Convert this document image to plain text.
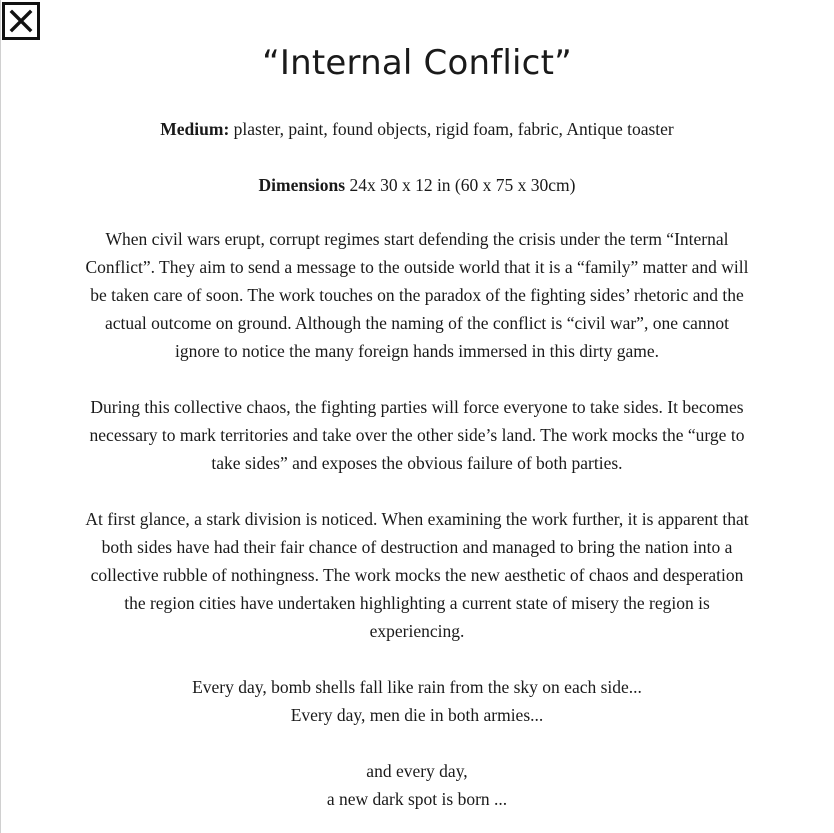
“Internal Conflict”

Medium: plaster, paint, found objects, rigid foam, fabric, Antique toaster

Dimensions 24x 30 x 12 in (60 x 75 x 30cm)

When civil wars erupt, corrupt regimes start defending the crisis under the term “Internal
Conflict”. They aim to send a message to the outside world that it is a “family” matter and will
be taken care of soon. The work touches on the paradox of the fighting sides’ rhetoric and the
actual outcome on ground. Although the naming of the conflict is “civil war”, one cannot
ignore to notice the many foreign hands immersed in this dirty game.

During this collective chaos, the fighting parties will force everyone to take sides. It becomes
necessary to mark territories and take over the other side’s land. The work mocks the “urge to
take sides” and exposes the obvious failure of both parties.

At first glance, a stark division is noticed. When examining the work further, it is apparent that
both sides have had their fair chance of destruction and managed to bring the nation into a
collective rubble of nothingness. The work mocks the new aesthetic of chaos and desperation
the region cities have undertaken highlighting a current state of misery the region is
experiencing.

Every day, bomb shells fall like rain from the sky on each side...
Every day, men die in both armies...

and every day,
a new dark spot is born ...
